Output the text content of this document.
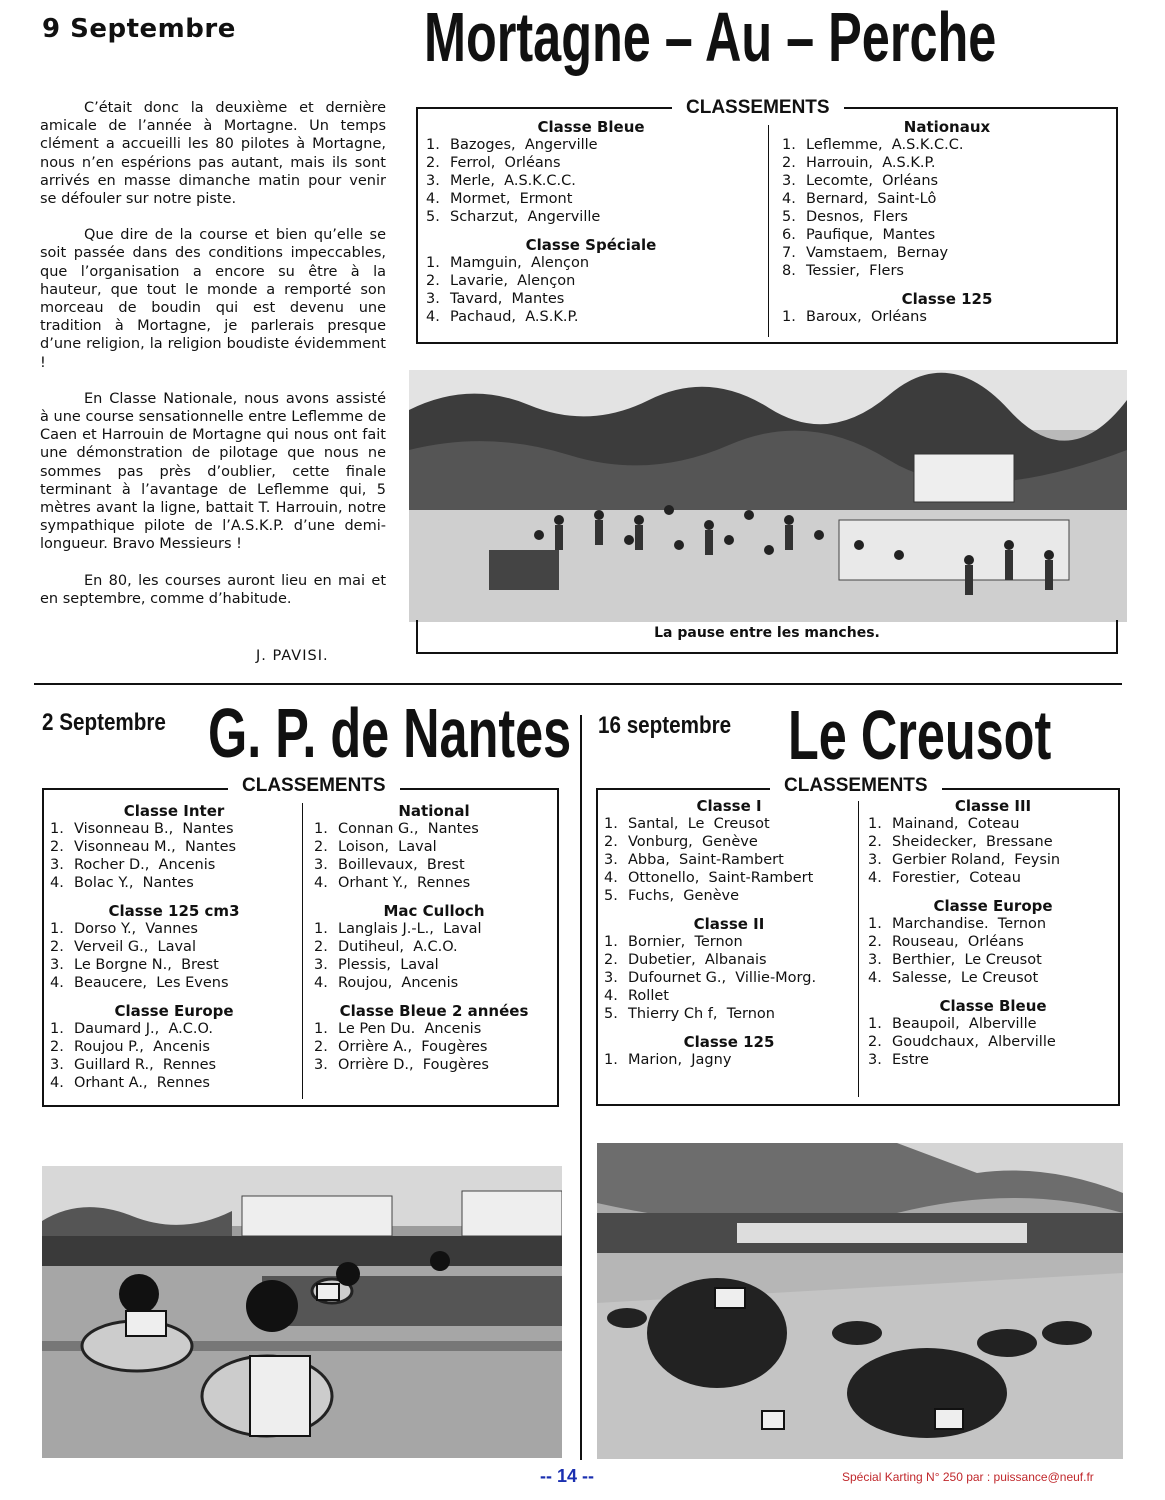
9 Septembre	Mortagne – Au – Perche

C’était donc la deuxième et dernière amicale de l’année à Mortagne. Un temps clément a accueilli les 80 pilotes à Mortagne, nous n’en espérions pas autant, mais ils sont arrivés en masse dimanche matin pour venir se défouler sur notre piste.

Que dire de la course et bien qu’elle se soit passée dans des conditions impeccables, que l’organisation a encore su être à la hauteur, que tout le monde a remporté son morceau de boudin qui est devenu une tradition à Mortagne, je parlerais presque d’une religion, la religion boudiste évidemment !

En Classe Nationale, nous avons assisté à une course sensationnelle entre Leflemme de Caen et Harrouin de Mortagne qui nous ont fait une démonstration de pilotage que nous ne sommes pas près d’oublier, cette finale terminant à l’avantage de Leflemme qui, 5 mètres avant la ligne, battait T. Harrouin, notre sympathique pilote de l’A.S.K.P. d’une demi-longueur. Bravo Messieurs !

En 80, les courses auront lieu en mai et en septembre, comme d’habitude.

J. PAVISI.
CLASSEMENTS
Classe Bleue
1. Bazoges,  Angerville
2. Ferrol,  Orléans
3. Merle,  A.S.K.C.C.
4. Mormet,  Ermont
5. Scharzut,  Angerville
Classe Spéciale
1. Mamguin,  Alençon
2. Lavarie,  Alençon
3. Tavard,  Mantes
4. Pachaud,  A.S.K.P.
Nationaux
1. Leflemme,  A.S.K.C.C.
2. Harrouin,  A.S.K.P.
3. Lecomte,  Orléans
4. Bernard,  Saint-Lô
5. Desnos,  Flers
6. Paufique,  Mantes
7. Vamstaem,  Bernay
8. Tessier,  Flers
Classe 125
1. Baroux,  Orléans
La pause entre les manches.
2 Septembre G. P. de Nantes
CLASSEMENTS
Classe Inter
1. Visonneau B.,  Nantes
2. Visonneau M.,  Nantes
3. Rocher D.,  Ancenis
4. Bolac Y.,  Nantes
Classe 125 cm3
1. Dorso Y.,  Vannes
2. Verveil G.,  Laval
3. Le Borgne N.,  Brest
4. Beaucere,  Les Evens
Classe Europe
1. Daumard J.,  A.C.O.
2. Roujou P.,  Ancenis
3. Guillard R.,  Rennes
4. Orhant A.,  Rennes
National
1. Connan G.,  Nantes
2. Loison,  Laval
3. Boillevaux,  Brest
4. Orhant Y.,  Rennes
Mac Culloch
1. Langlais J.-L.,  Laval
2. Dutiheul,  A.C.O.
3. Plessis,  Laval
4. Roujou,  Ancenis
Classe Bleue 2 années
1. Le Pen Du.  Ancenis
2. Orrière A.,  Fougères
3. Orrière D.,  Fougères
16 septembre Le Creusot
CLASSEMENTS
Classe I
1. Santal,  Le  Creusot
2. Vonburg,  Genève
3. Abba,  Saint-Rambert
4. Ottonello,  Saint-Rambert
5. Fuchs,  Genève
Classe II
1. Bornier,  Ternon
2. Dubetier,  Albanais
3. Dufournet G.,  Villie-Morg.
4. Rollet
5. Thierry Ch f,  Ternon
Classe 125
1. Marion,  Jagny
Classe III
1. Mainand,  Coteau
2. Sheidecker,  Bressane
3. Gerbier Roland,  Feysin
4. Forestier,  Coteau
Classe Europe
1. Marchandise.  Ternon
2. Rouseau,  Orléans
3. Berthier,  Le Creusot
4. Salesse,  Le Creusot
Classe Bleue
1. Beaupoil,  Alberville
2. Goudchaux,  Alberville
3. Estre
-- 14 --	Spécial Karting N° 250 par : puissance@neuf.fr
